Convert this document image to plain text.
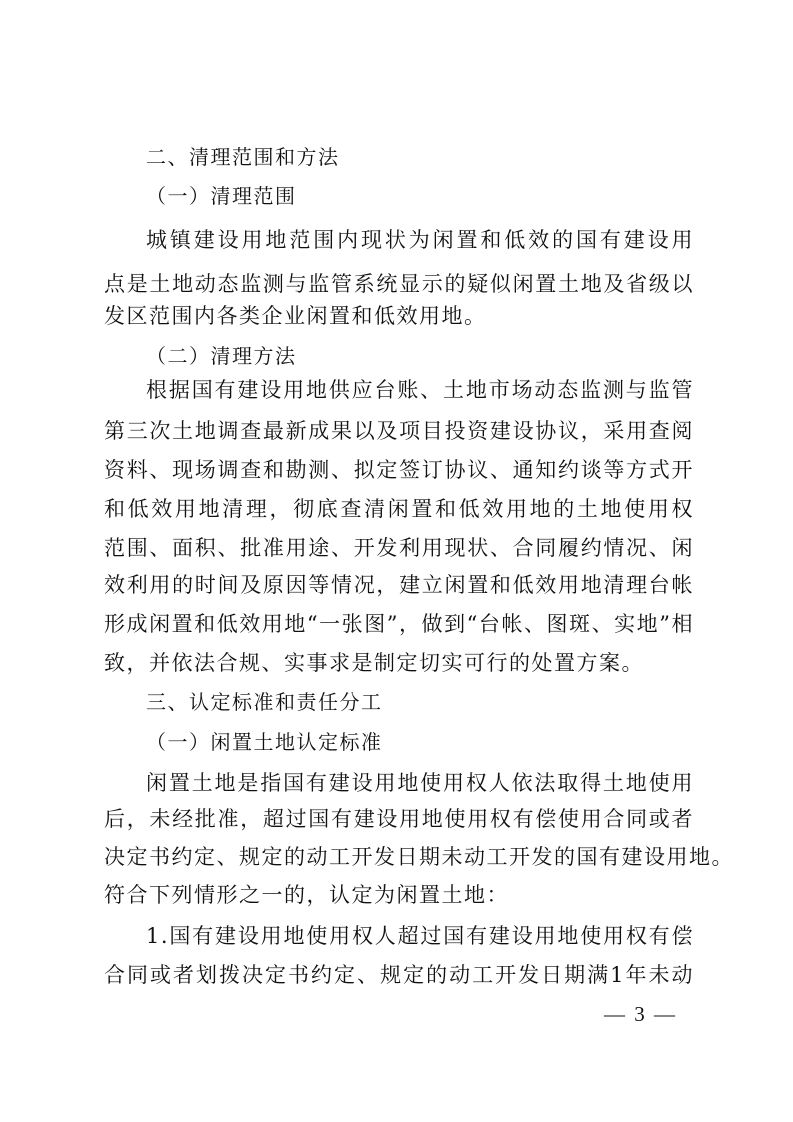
二、清理范围和方法
（一）清理范围
城镇建设用地范围内现状为闲置和低效的国有建设用
点是土地动态监测与监管系统显示的疑似闲置土地及省级以
发区范围内各类企业闲置和低效用地。
（二）清理方法
根据国有建设用地供应台账、土地市场动态监测与监管
第三次土地调查最新成果以及项目投资建设协议，采用查阅
资料、现场调查和勘测、拟定签订协议、通知约谈等方式开
和低效用地清理，彻底查清闲置和低效用地的土地使用权
范围、面积、批准用途、开发利用现状、合同履约情况、闲
效利用的时间及原因等情况，建立闲置和低效用地清理台帐
形成闲置和低效用地“一张图”，做到“台帐、图斑、实地”相
致，并依法合规、实事求是制定切实可行的处置方案。
三、认定标准和责任分工
（一）闲置土地认定标准
闲置土地是指国有建设用地使用权人依法取得土地使用
后，未经批准，超过国有建设用地使用权有偿使用合同或者
决定书约定、规定的动工开发日期未动工开发的国有建设用地。
符合下列情形之一的，认定为闲置土地：
1.国有建设用地使用权人超过国有建设用地使用权有偿
合同或者划拨决定书约定、规定的动工开发日期满1年未动
— 3 —
